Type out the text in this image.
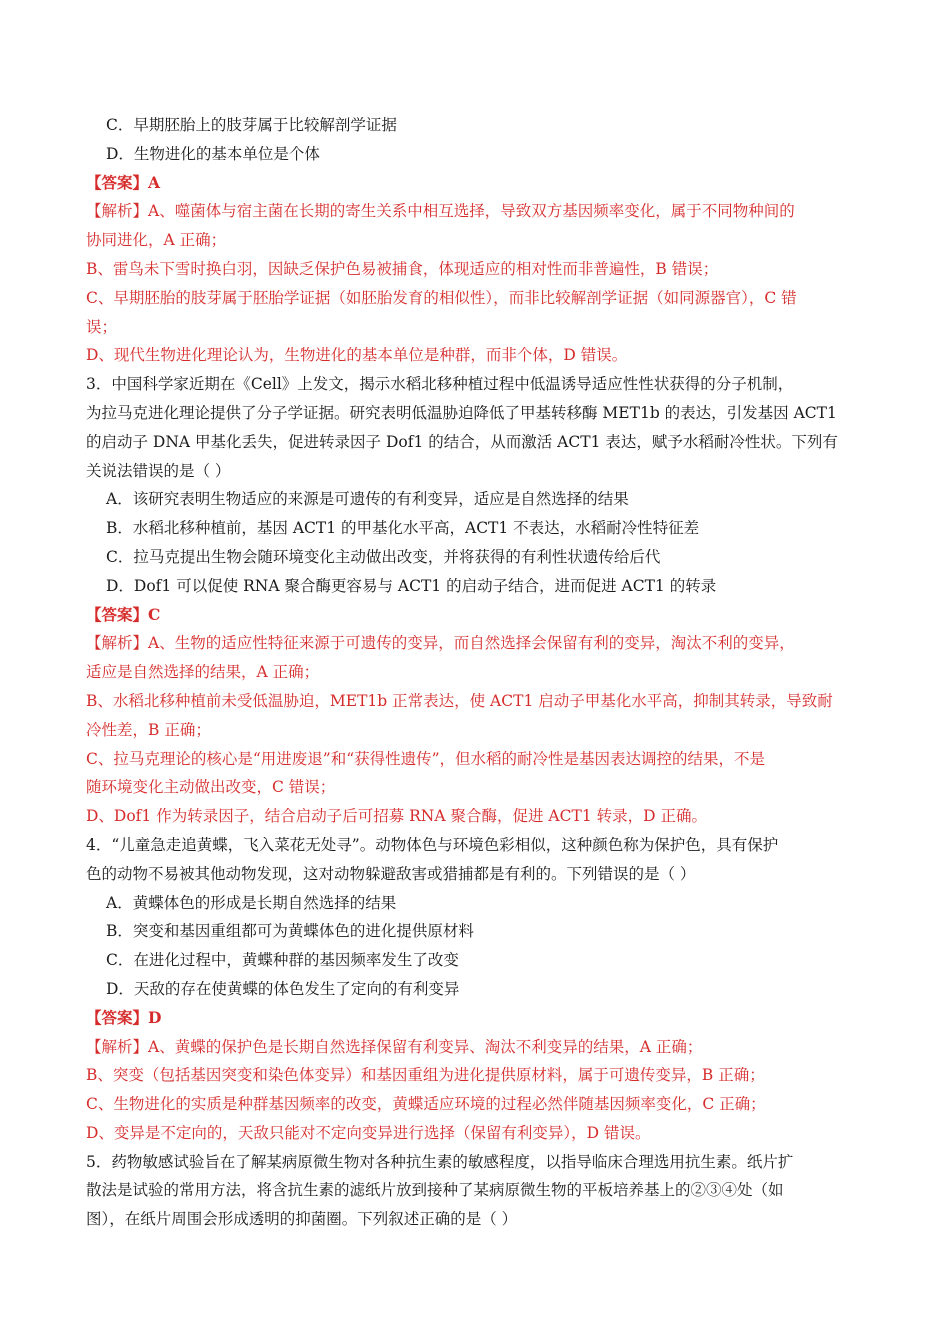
C．早期胚胎上的肢芽属于比较解剖学证据
D．生物进化的基本单位是个体
【答案】A
【解析】A、噬菌体与宿主菌在长期的寄生关系中相互选择，导致双方基因频率变化，属于不同物种间的
协同进化，A 正确；
B、雷鸟未下雪时换白羽，因缺乏保护色易被捕食，体现适应的相对性而非普遍性，B 错误；
C、早期胚胎的肢芽属于胚胎学证据（如胚胎发育的相似性），而非比较解剖学证据（如同源器官），C 错
误；
D、现代生物进化理论认为，生物进化的基本单位是种群，而非个体，D 错误。
3．中国科学家近期在《Cell》上发文，揭示水稻北移种植过程中低温诱导适应性性状获得的分子机制，
为拉马克进化理论提供了分子学证据。研究表明低温胁迫降低了甲基转移酶 MET1b 的表达，引发基因 ACT1
的启动子 DNA 甲基化丢失，促进转录因子 Dof1 的结合，从而激活 ACT1 表达，赋予水稻耐冷性状。下列有
关说法错误的是（ ）
A．该研究表明生物适应的来源是可遗传的有利变异，适应是自然选择的结果
B．水稻北移种植前，基因 ACT1 的甲基化水平高，ACT1 不表达，水稻耐冷性特征差
C．拉马克提出生物会随环境变化主动做出改变，并将获得的有利性状遗传给后代
D．Dof1 可以促使 RNA 聚合酶更容易与 ACT1 的启动子结合，进而促进 ACT1 的转录
【答案】C
【解析】A、生物的适应性特征来源于可遗传的变异，而自然选择会保留有利的变异，淘汰不利的变异，
适应是自然选择的结果，A 正确；
B、水稻北移种植前未受低温胁迫，MET1b 正常表达，使 ACT1 启动子甲基化水平高，抑制其转录，导致耐
冷性差，B 正确；
C、拉马克理论的核心是“用进废退”和“获得性遗传”，但水稻的耐冷性是基因表达调控的结果，不是
随环境变化主动做出改变，C 错误；
D、Dof1 作为转录因子，结合启动子后可招募 RNA 聚合酶，促进 ACT1 转录，D 正确。
4．“儿童急走追黄蝶，飞入菜花无处寻”。动物体色与环境色彩相似，这种颜色称为保护色，具有保护
色的动物不易被其他动物发现，这对动物躲避敌害或猎捕都是有利的。下列错误的是（ ）
A．黄蝶体色的形成是长期自然选择的结果
B．突变和基因重组都可为黄蝶体色的进化提供原材料
C．在进化过程中，黄蝶种群的基因频率发生了改变
D．天敌的存在使黄蝶的体色发生了定向的有利变异
【答案】D
【解析】A、黄蝶的保护色是长期自然选择保留有利变异、淘汰不利变异的结果，A 正确；
B、突变（包括基因突变和染色体变异）和基因重组为进化提供原材料，属于可遗传变异，B 正确；
C、生物进化的实质是种群基因频率的改变，黄蝶适应环境的过程必然伴随基因频率变化，C 正确；
D、变异是不定向的，天敌只能对不定向变异进行选择（保留有利变异），D 错误。
5．药物敏感试验旨在了解某病原微生物对各种抗生素的敏感程度，以指导临床合理选用抗生素。纸片扩
散法是试验的常用方法，将含抗生素的滤纸片放到接种了某病原微生物的平板培养基上的②③④处（如
图），在纸片周围会形成透明的抑菌圈。下列叙述正确的是（ ）
